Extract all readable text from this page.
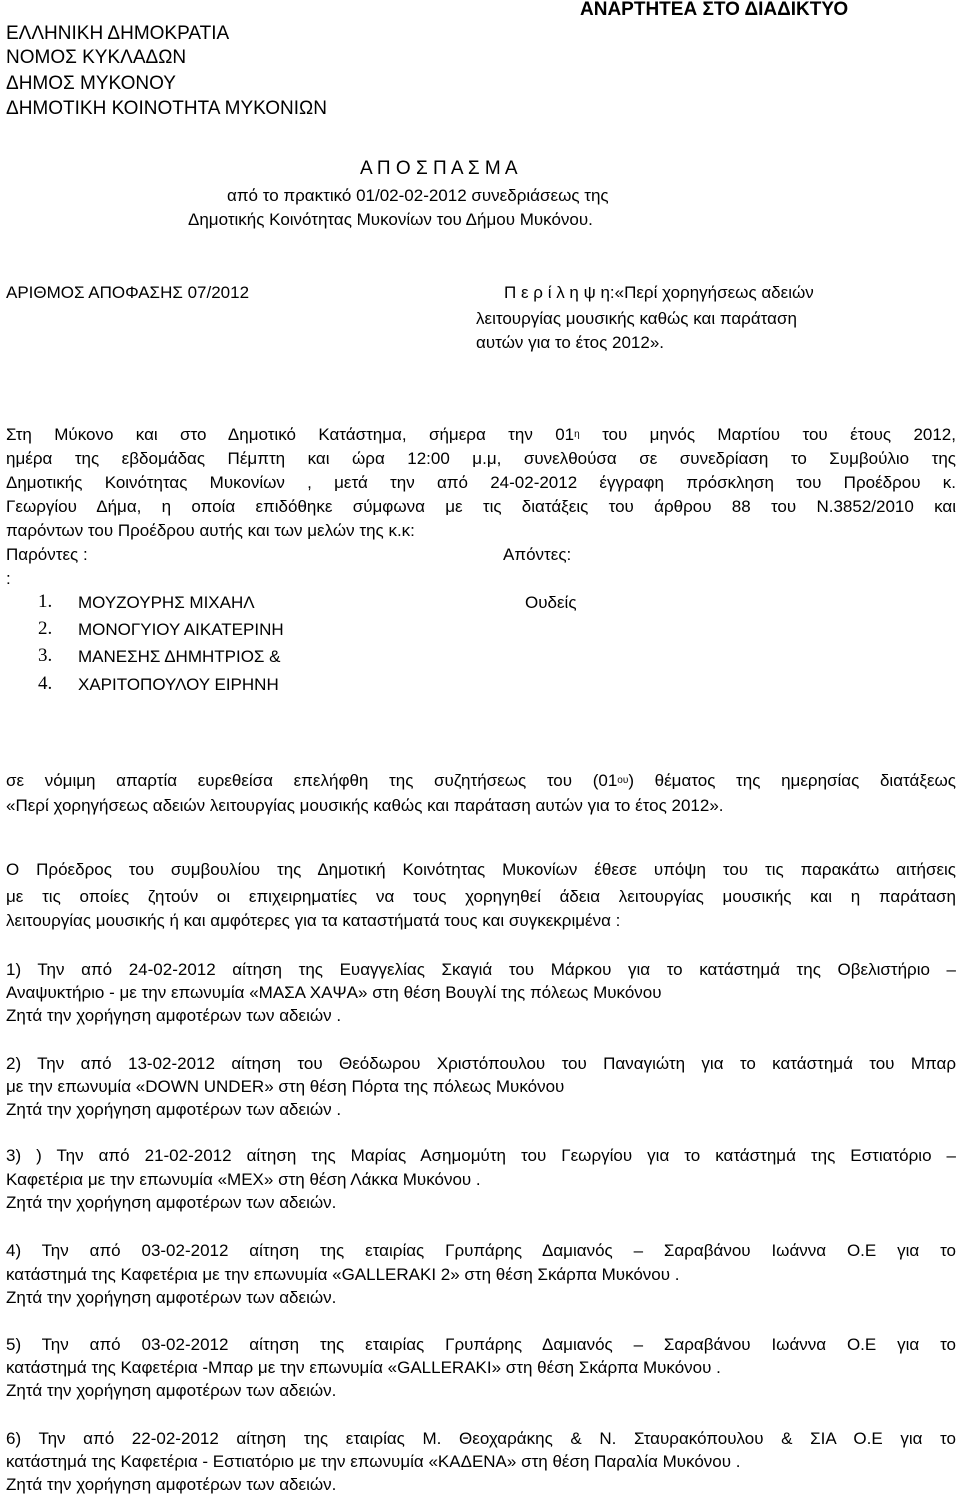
ΑΝΑΡΤΗΤΕΑ ΣΤΟ ΔΙΑΔΙΚΤΥΟ
ΕΛΛΗΝΙΚΗ ΔΗΜΟΚΡΑΤΙΑ
ΝΟΜΟΣ ΚΥΚΛΑΔΩΝ
ΔΗΜΟΣ ΜΥΚΟΝΟΥ
ΔΗΜΟΤΙΚΗ ΚΟΙΝΟΤΗΤΑ ΜΥΚΟΝΙΩΝ
Α Π Ο Σ Π Α Σ Μ Α
από το πρακτικό 01/02-02-2012 συνεδριάσεως της
Δημοτικής Κοινότητας Μυκονίων του Δήμου Μυκόνου.
ΑΡΙΘΜΟΣ ΑΠΟΦΑΣΗΣ 07/2012	Π ε ρ ί λ η ψ η:«Περί χορηγήσεως αδειών
λειτουργίας μουσικής καθώς και παράταση
αυτών για το έτος 2012».
Στη Μύκονο και στο Δημοτικό Κατάστημα, σήμερα την $01^\eta$ του μηνός Μαρτίου του έτους 2012,
ημέρα της εβδομάδας Πέμπτη και ώρα 12:00 μ.μ, συνελθούσα σε συνεδρίαση το Συμβούλιο της
Δημοτικής Κοινότητας Μυκονίων , μετά την από 24-02-2012 έγγραφη πρόσκληση του Προέδρου κ.
Γεωργίου Δήμα, η οποία επιδόθηκε σύμφωνα με τις διατάξεις του άρθρου 88 του Ν.3852/2010 και
παρόντων του Προέδρου αυτής και των μελών της κ.κ:
Παρόντες :	Απόντες:
:
1. ΜΟΥΖΟΥΡΗΣ ΜΙΧΑΗΛ	Ουδείς
2. ΜΟΝΟΓΥΙΟΥ ΑΙΚΑΤΕΡΙΝΗ
3. ΜΑΝΕΣΗΣ ΔΗΜΗΤΡΙΟΣ &
4. ΧΑΡΙΤΟΠΟΥΛΟΥ ΕΙΡΗΝΗ
σε νόμιμη απαρτία ευρεθείσα επελήφθη της συζητήσεως του $(01^{o\upsilon})$ θέματος της ημερησίας διατάξεως
«Περί χορηγήσεως αδειών λειτουργίας μουσικής καθώς και παράταση αυτών για το έτος 2012».
Ο Πρόεδρος του συμβουλίου της Δημοτική Κοινότητας Μυκονίων έθεσε υπόψη του τις παρακάτω αιτήσεις
με τις οποίες ζητούν οι επιχειρηματίες να τους χορηγηθεί άδεια λειτουργίας μουσικής και η παράταση
λειτουργίας μουσικής ή και αμφότερες για τα καταστήματά τους και συγκεκριμένα :
1) Την από 24-02-2012 αίτηση της Ευαγγελίας Σκαγιά του Μάρκου για το κατάστημά της Οβελιστήριο –
Αναψυκτήριο - με την επωνυμία «ΜΑΣΑ ΧΑΨΑ» στη θέση Βουγλί της πόλεως Μυκόνου
Ζητά την χορήγηση αμφοτέρων των αδειών .
2) Την από 13-02-2012 αίτηση του Θεόδωρου Χριστόπουλου του Παναγιώτη για το κατάστημά του Μπαρ
με την επωνυμία «DOWN UNDER» στη θέση Πόρτα της πόλεως Μυκόνου
Ζητά την χορήγηση αμφοτέρων των αδειών .
3) ) Την από 21-02-2012 αίτηση της Μαρίας Ασημομύτη του Γεωργίου για το κατάστημά της Εστιατόριο –
Καφετέρια με την επωνυμία «ΜΕΧ» στη θέση Λάκκα Μυκόνου .
Ζητά την χορήγηση αμφοτέρων των αδειών.
4) Την από 03-02-2012 αίτηση της εταιρίας Γρυπάρης Δαμιανός – Σαραβάνου Ιωάννα Ο.Ε για το
κατάστημά της Καφετέρια με την επωνυμία «GALLERAKI 2» στη θέση Σκάρπα Μυκόνου .
Ζητά την χορήγηση αμφοτέρων των αδειών.
5) Την από 03-02-2012 αίτηση της εταιρίας Γρυπάρης Δαμιανός – Σαραβάνου Ιωάννα Ο.Ε για το
κατάστημά της Καφετέρια -Μπαρ με την επωνυμία «GALLERAKI» στη θέση Σκάρπα Μυκόνου .
Ζητά την χορήγηση αμφοτέρων των αδειών.
6) Την από 22-02-2012 αίτηση της εταιρίας Μ. Θεοχαράκης & Ν. Σταυρακόπουλου & ΣΙΑ Ο.Ε για το
κατάστημά της Καφετέρια - Εστιατόριο με την επωνυμία «ΚΑΔΕΝΑ» στη θέση Παραλία Μυκόνου .
Ζητά την χορήγηση αμφοτέρων των αδειών.
